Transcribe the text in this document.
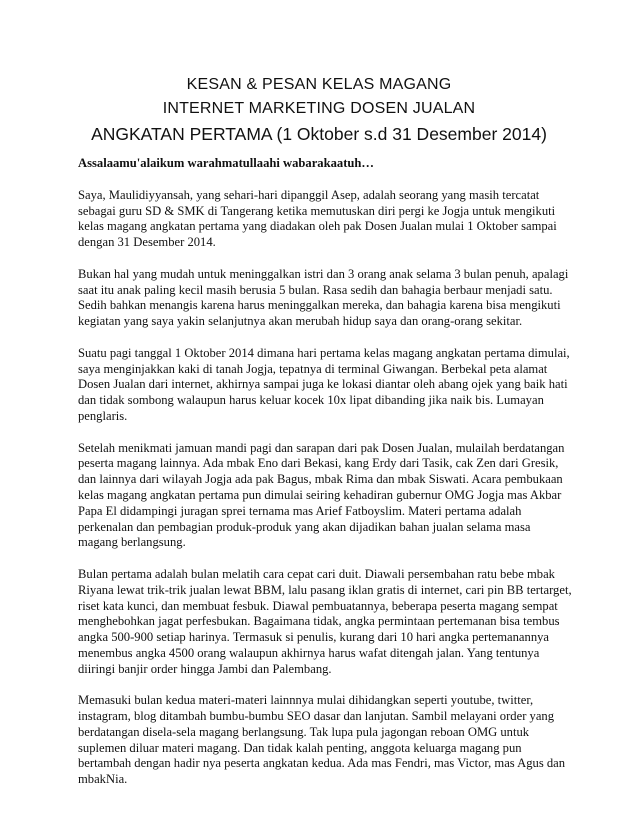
KESAN & PESAN KELAS MAGANG
INTERNET MARKETING DOSEN JUALAN
ANGKATAN PERTAMA (1 Oktober s.d 31 Desember 2014)

Assalaamu'alaikum warahmatullaahi wabarakaatuh…

Saya, Maulidiyyansah, yang sehari-hari dipanggil Asep, adalah seorang yang masih tercatat sebagai guru SD & SMK di Tangerang ketika memutuskan diri pergi ke Jogja untuk mengikuti kelas magang angkatan pertama yang diadakan oleh pak Dosen Jualan mulai 1 Oktober sampai dengan 31 Desember 2014.

Bukan hal yang mudah untuk meninggalkan istri dan 3 orang anak selama 3 bulan penuh, apalagi saat itu anak paling kecil masih berusia 5 bulan. Rasa sedih dan bahagia berbaur menjadi satu. Sedih bahkan menangis karena harus meninggalkan mereka, dan bahagia karena bisa mengikuti kegiatan yang saya yakin selanjutnya akan merubah hidup saya dan orang-orang sekitar.

Suatu pagi tanggal 1 Oktober 2014 dimana hari pertama kelas magang angkatan pertama dimulai, saya menginjakkan kaki di tanah Jogja, tepatnya di terminal Giwangan. Berbekal peta alamat Dosen Jualan dari internet, akhirnya sampai juga ke lokasi diantar oleh abang ojek yang baik hati dan tidak sombong walaupun harus keluar kocek 10x lipat dibanding jika naik bis. Lumayan penglaris.

Setelah menikmati jamuan mandi pagi dan sarapan dari pak Dosen Jualan, mulailah berdatangan peserta magang lainnya. Ada mbak Eno dari Bekasi, kang Erdy dari Tasik, cak Zen dari Gresik, dan lainnya dari wilayah Jogja ada pak Bagus, mbak Rima dan mbak Siswati. Acara pembukaan kelas magang angkatan pertama pun dimulai seiring kehadiran gubernur OMG Jogja mas Akbar Papa El didampingi juragan sprei ternama mas Arief Fatboyslim. Materi pertama adalah perkenalan dan pembagian produk-produk yang akan dijadikan bahan jualan selama masa magang berlangsung.

Bulan pertama adalah bulan melatih cara cepat cari duit. Diawali persembahan ratu bebe mbak Riyana lewat trik-trik jualan lewat BBM, lalu pasang iklan gratis di internet, cari pin BB tertarget, riset kata kunci, dan membuat fesbuk. Diawal pembuatannya, beberapa peserta magang sempat menghebohkan jagat perfesbukan. Bagaimana tidak, angka permintaan pertemanan bisa tembus angka 500-900 setiap harinya. Termasuk si penulis, kurang dari 10 hari angka pertemanannya menembus angka 4500 orang walaupun akhirnya harus wafat ditengah jalan. Yang tentunya diiringi banjir order hingga Jambi dan Palembang.

Memasuki bulan kedua materi-materi lainnnya mulai dihidangkan seperti youtube, twitter, instagram, blog ditambah bumbu-bumbu SEO dasar dan lanjutan. Sambil melayani order yang berdatangan disela-sela magang berlangsung. Tak lupa pula jagongan reboan OMG untuk suplemen diluar materi magang. Dan tidak kalah penting, anggota keluarga magang pun bertambah dengan hadir nya peserta angkatan kedua. Ada mas Fendri, mas Victor, mas Agus dan mbakNia.
